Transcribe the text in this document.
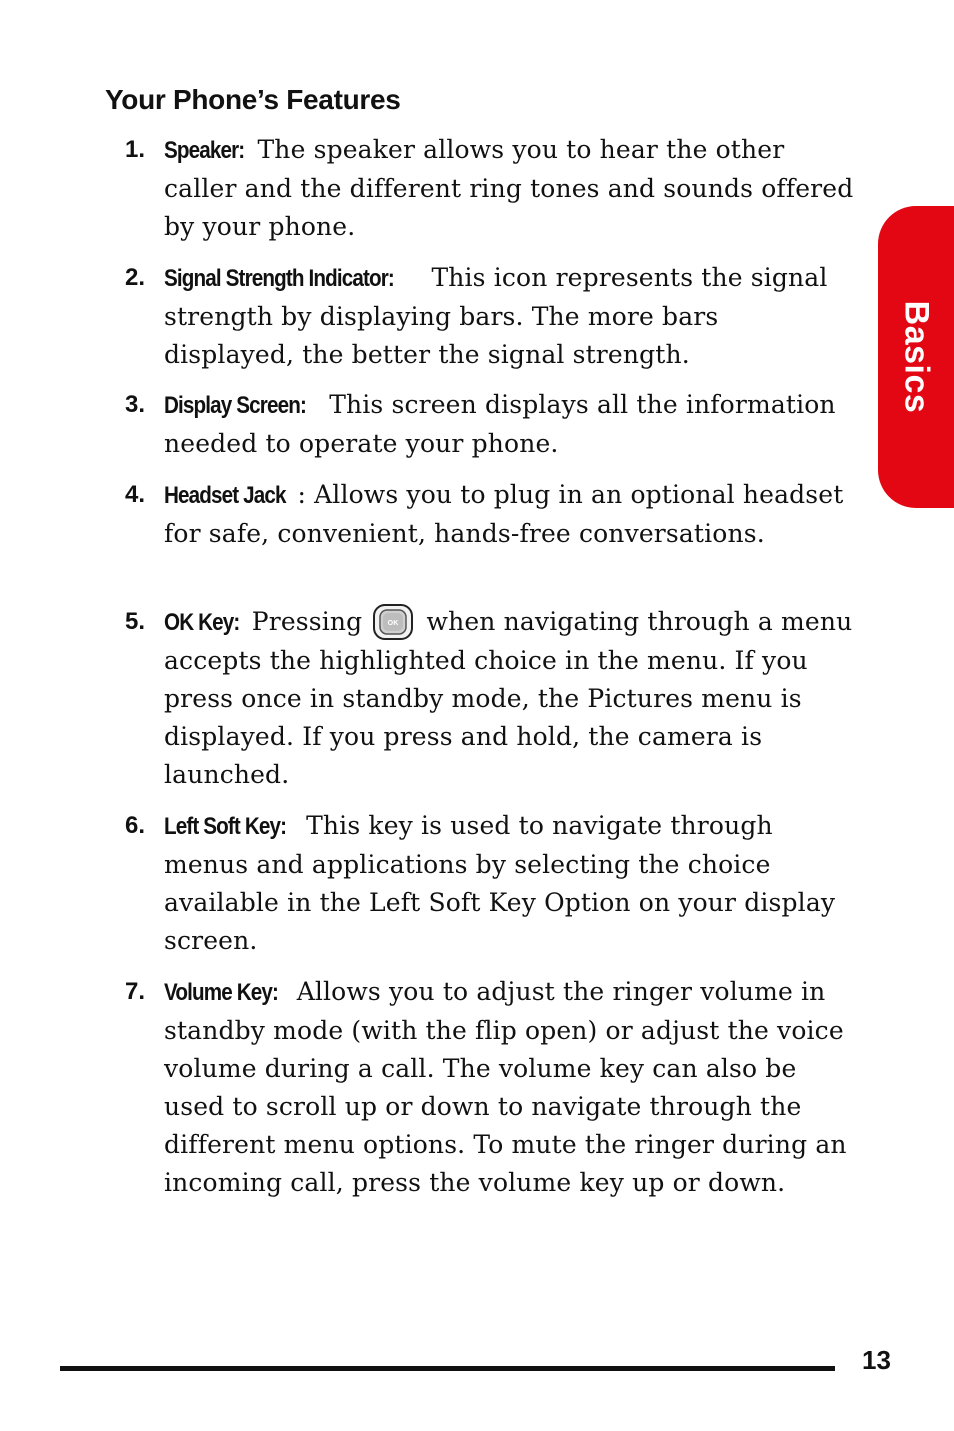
Your Phone’s Features
Basics
1. Speaker: The speaker allows you to hear the other caller and the different ring tones and sounds offered by your phone.
2. Signal Strength Indicator: This icon represents the signal strength by displaying bars. The more bars displayed, the better the signal strength.
3. Display Screen: This screen displays all the information needed to operate your phone.
4. Headset Jack : Allows you to plug in an optional headset for safe, convenient, hands-free conversations.
5. OK Key: Pressing	OK when navigating through a menu accepts the highlighted choice in the menu. If you press once in standby mode, the Pictures menu is displayed. If you press and hold, the camera is launched.
6. Left Soft Key: This key is used to navigate through menus and applications by selecting the choice available in the Left Soft Key Option on your display screen.
7. Volume Key: Allows you to adjust the ringer volume in standby mode (with the flip open) or adjust the voice volume during a call. The volume key can also be used to scroll up or down to navigate through the different menu options. To mute the ringer during an incoming call, press the volume key up or down.
13
